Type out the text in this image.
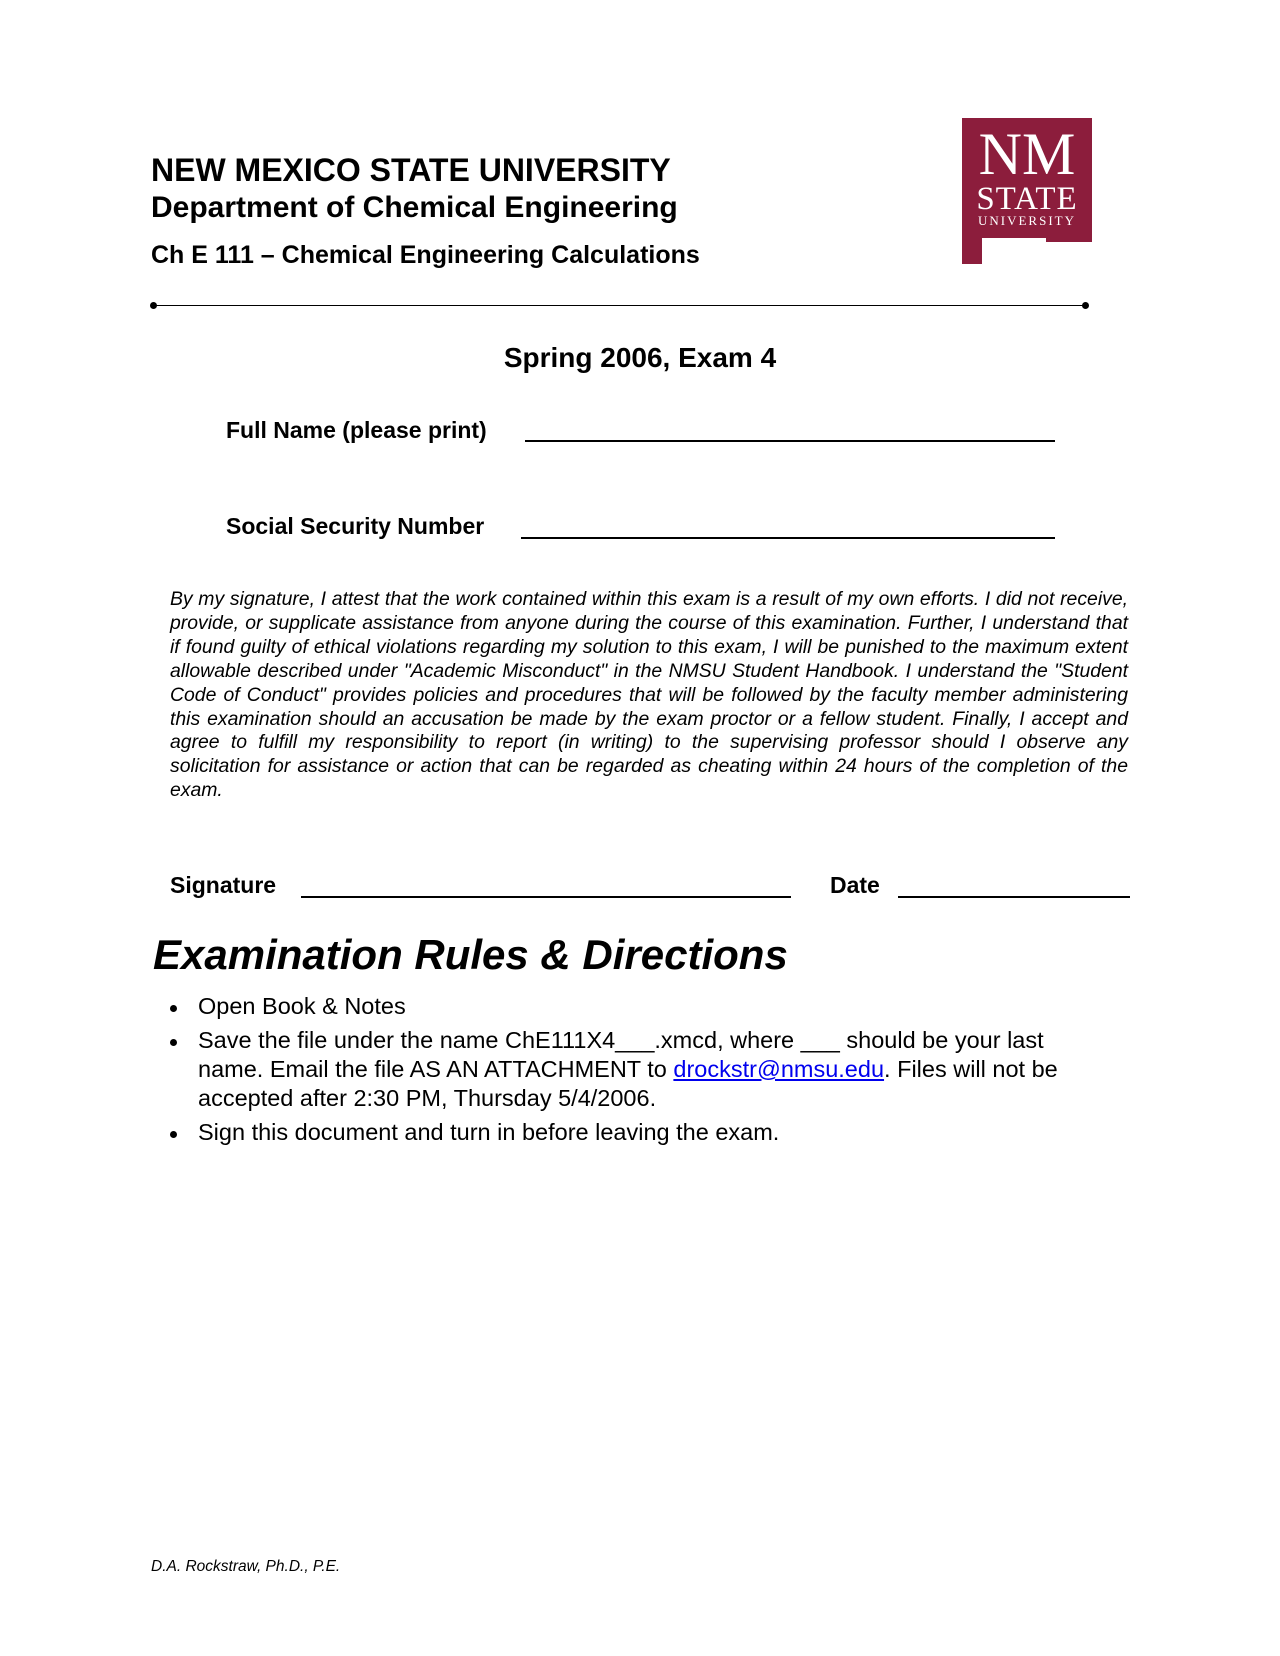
NEW MEXICO STATE UNIVERSITY
Department of Chemical Engineering
Ch E 111 – Chemical Engineering Calculations
NM
STATE
UNIVERSITY
Spring 2006, Exam 4
Full Name (please print)
Social Security Number
By my signature, I attest that the work contained within this exam is a result of my own efforts. I did not receive, provide, or supplicate assistance from anyone during the course of this examination. Further, I understand that if found guilty of ethical violations regarding my solution to this exam, I will be punished to the maximum extent allowable described under "Academic Misconduct" in the NMSU Student Handbook. I understand the "Student Code of Conduct" provides policies and procedures that will be followed by the faculty member administering this examination should an accusation be made by the exam proctor or a fellow student. Finally, I accept and agree to fulfill my responsibility to report (in writing) to the supervising professor should I observe any solicitation for assistance or action that can be regarded as cheating within 24 hours of the completion of the exam.
Signature	Date
Examination Rules & Directions
Open Book & Notes
Save the file under the name ChE111X4___.xmcd, where ___ should be your last name. Email the file AS AN ATTACHMENT to drockstr@nmsu.edu. Files will not be accepted after 2:30 PM, Thursday 5/4/2006.
Sign this document and turn in before leaving the exam.
D.A. Rockstraw, Ph.D., P.E.
